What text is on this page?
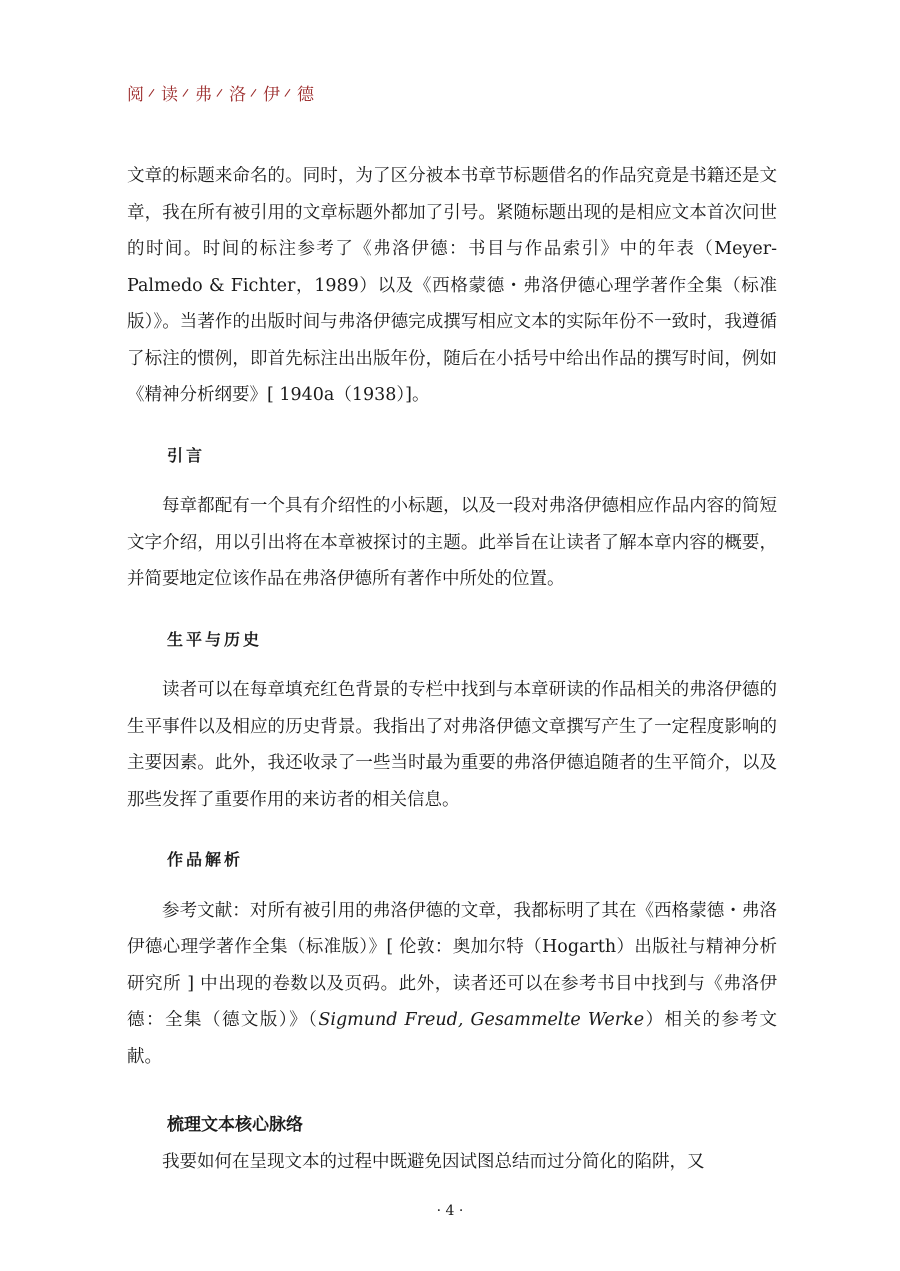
阅 读 弗 洛 伊 德

文章的标题来命名的。同时，为了区分被本书章节标题借名的作品究竟是书籍还是文章，我在所有被引用的文章标题外都加了引号。紧随标题出现的是相应文本首次问世的时间。时间的标注参考了《弗洛伊德：书目与作品索引》中的年表（Meyer-Palmedo & Fichter，1989）以及《西格蒙德・弗洛伊德心理学著作全集（标准版）》。当著作的出版时间与弗洛伊德完成撰写相应文本的实际年份不一致时，我遵循了标注的惯例，即首先标注出出版年份，随后在小括号中给出作品的撰写时间，例如《精神分析纲要》[ 1940a（1938）]。

引言

每章都配有一个具有介绍性的小标题，以及一段对弗洛伊德相应作品内容的简短文字介绍，用以引出将在本章被探讨的主题。此举旨在让读者了解本章内容的概要，并简要地定位该作品在弗洛伊德所有著作中所处的位置。

生平与历史

读者可以在每章填充红色背景的专栏中找到与本章研读的作品相关的弗洛伊德的生平事件以及相应的历史背景。我指出了对弗洛伊德文章撰写产生了一定程度影响的主要因素。此外，我还收录了一些当时最为重要的弗洛伊德追随者的生平简介，以及那些发挥了重要作用的来访者的相关信息。

作品解析

参考文献：对所有被引用的弗洛伊德的文章，我都标明了其在《西格蒙德・弗洛伊德心理学著作全集（标准版）》[ 伦敦：奥加尔特（Hogarth）出版社与精神分析研究所 ] 中出现的卷数以及页码。此外，读者还可以在参考书目中找到与《弗洛伊德：全集（德文版）》（Sigmund Freud, Gesammelte Werke）相关的参考文献。

梳理文本核心脉络

我要如何在呈现文本的过程中既避免因试图总结而过分简化的陷阱，又

· 4 ·
